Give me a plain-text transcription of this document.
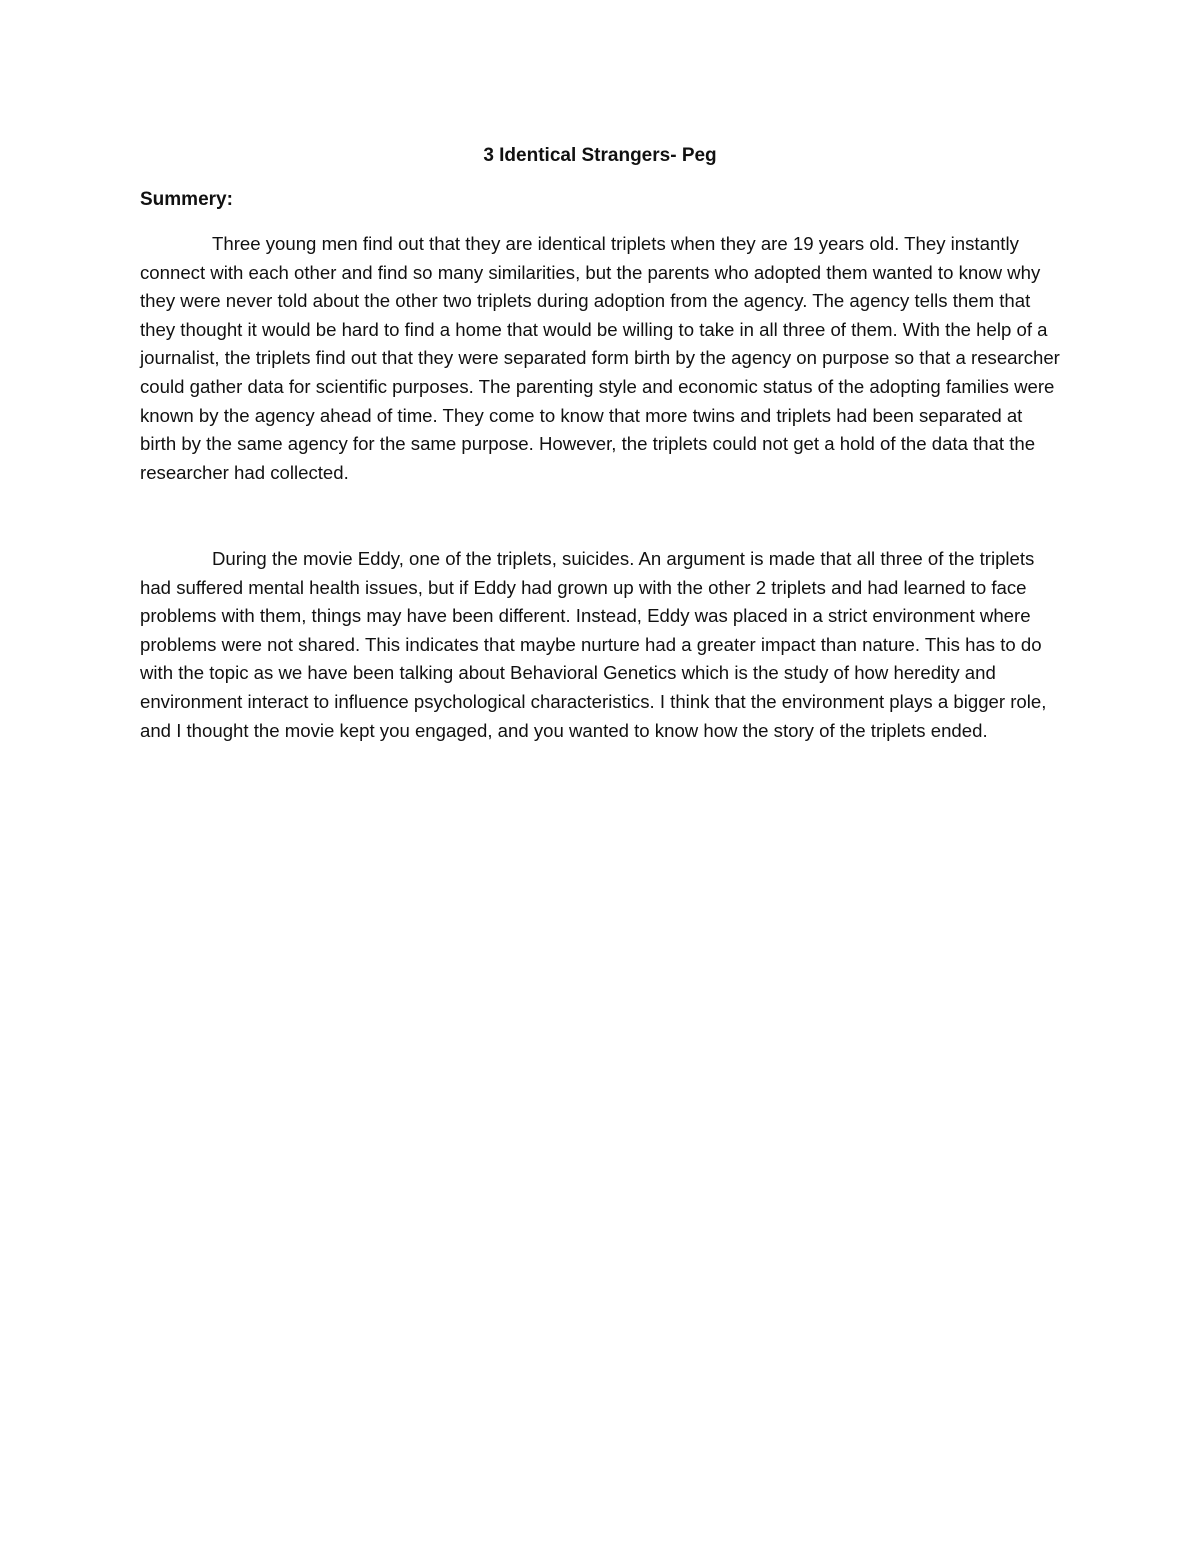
3 Identical Strangers- Peg
Summery:

Three young men find out that they are identical triplets when they are 19 years old. They instantly connect with each other and find so many similarities, but the parents who adopted them wanted to know why they were never told about the other two triplets during adoption from the agency. The agency tells them that they thought it would be hard to find a home that would be willing to take in all three of them. With the help of a journalist, the triplets find out that they were separated form birth by the agency on purpose so that a researcher could gather data for scientific purposes. The parenting style and economic status of the adopting families were known by the agency ahead of time. They come to know that more twins and triplets had been separated at birth by the same agency for the same purpose. However, the triplets could not get a hold of the data that the researcher had collected.

During the movie Eddy, one of the triplets, suicides. An argument is made that all three of the triplets had suffered mental health issues, but if Eddy had grown up with the other 2 triplets and had learned to face problems with them, things may have been different. Instead, Eddy was placed in a strict environment where problems were not shared. This indicates that maybe nurture had a greater impact than nature. This has to do with the topic as we have been talking about Behavioral Genetics which is the study of how heredity and environment interact to influence psychological characteristics. I think that the environment plays a bigger role, and I thought the movie kept you engaged, and you wanted to know how the story of the triplets ended.
